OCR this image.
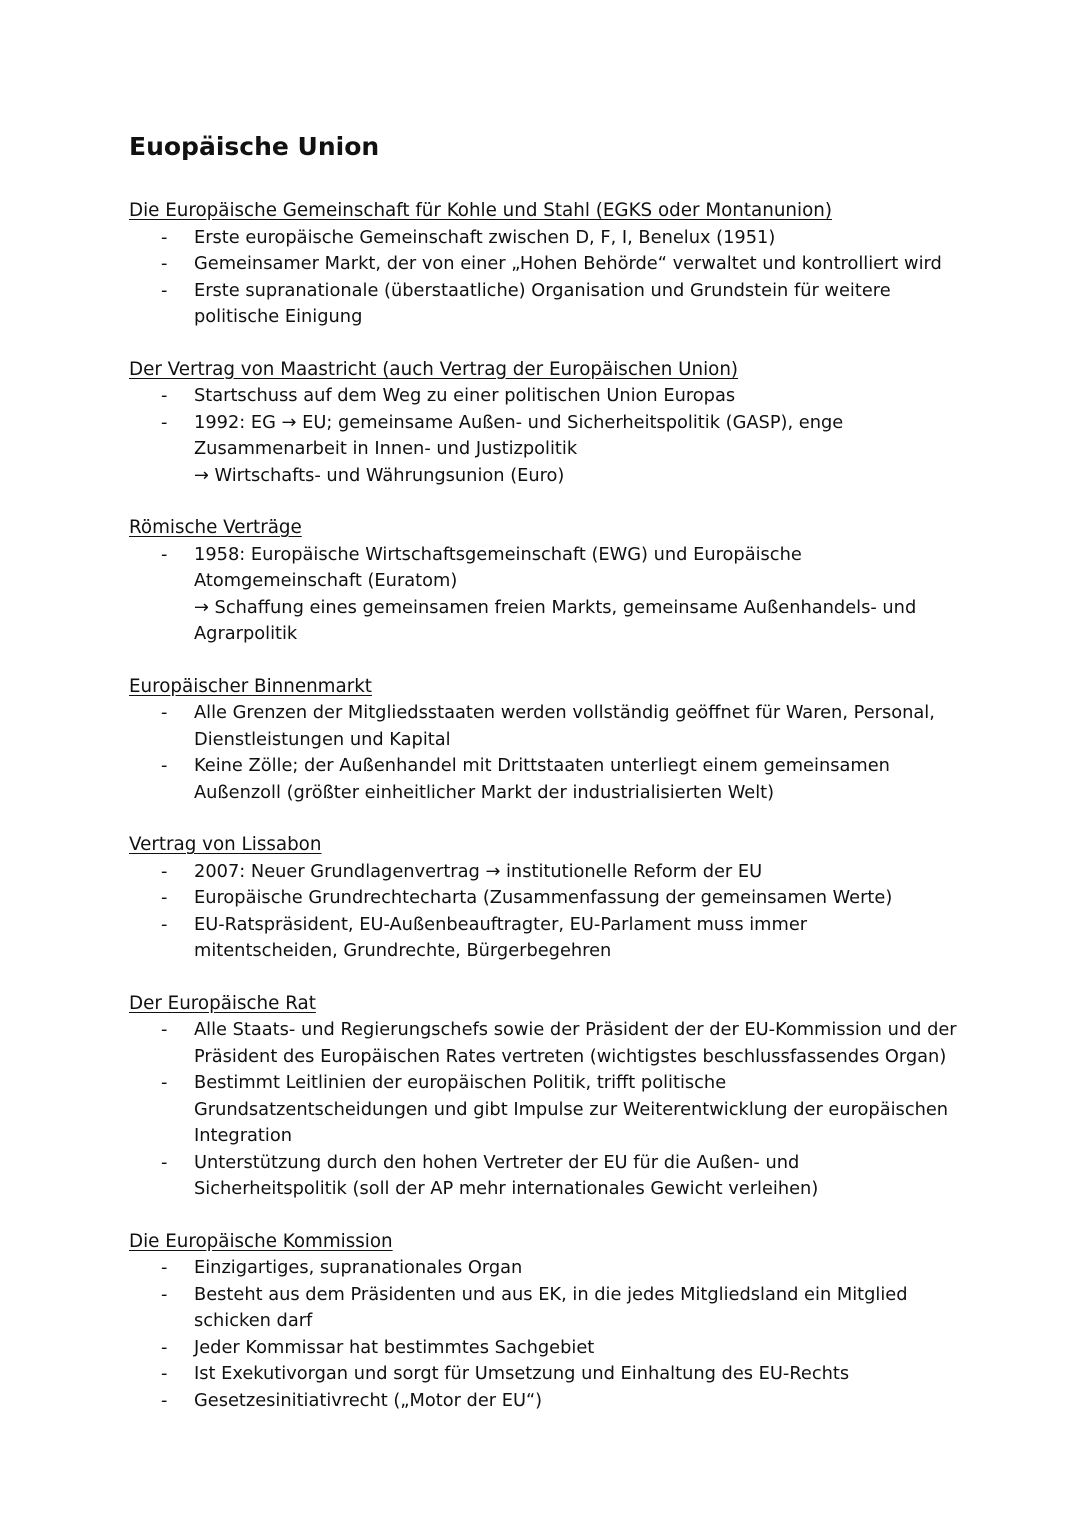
Euopäische Union
Die Europäische Gemeinschaft für Kohle und Stahl (EGKS oder Montanunion)
- Erste europäische Gemeinschaft zwischen D, F, I, Benelux (1951)
- Gemeinsamer Markt, der von einer „Hohen Behörde“ verwaltet und kontrolliert wird
- Erste supranationale (überstaatliche) Organisation und Grundstein für weitere
politische Einigung
Der Vertrag von Maastricht (auch Vertrag der Europäischen Union)
- Startschuss auf dem Weg zu einer politischen Union Europas
- 1992: EG → EU; gemeinsame Außen- und Sicherheitspolitik (GASP), enge
Zusammenarbeit in Innen- und Justizpolitik
→ Wirtschafts- und Währungsunion (Euro)
Römische Verträge
- 1958: Europäische Wirtschaftsgemeinschaft (EWG) und Europäische
Atomgemeinschaft (Euratom)
→ Schaffung eines gemeinsamen freien Markts, gemeinsame Außenhandels- und
Agrarpolitik
Europäischer Binnenmarkt
- Alle Grenzen der Mitgliedsstaaten werden vollständig geöffnet für Waren, Personal,
Dienstleistungen und Kapital
- Keine Zölle; der Außenhandel mit Drittstaaten unterliegt einem gemeinsamen
Außenzoll (größter einheitlicher Markt der industrialisierten Welt)
Vertrag von Lissabon
- 2007: Neuer Grundlagenvertrag → institutionelle Reform der EU
- Europäische Grundrechtecharta (Zusammenfassung der gemeinsamen Werte)
- EU-Ratspräsident, EU-Außenbeauftragter, EU-Parlament muss immer
mitentscheiden, Grundrechte, Bürgerbegehren
Der Europäische Rat
- Alle Staats- und Regierungschefs sowie der Präsident der der EU-Kommission und der
Präsident des Europäischen Rates vertreten (wichtigstes beschlussfassendes Organ)
- Bestimmt Leitlinien der europäischen Politik, trifft politische
Grundsatzentscheidungen und gibt Impulse zur Weiterentwicklung der europäischen
Integration
- Unterstützung durch den hohen Vertreter der EU für die Außen- und
Sicherheitspolitik (soll der AP mehr internationales Gewicht verleihen)
Die Europäische Kommission
- Einzigartiges, supranationales Organ
- Besteht aus dem Präsidenten und aus EK, in die jedes Mitgliedsland ein Mitglied
schicken darf
- Jeder Kommissar hat bestimmtes Sachgebiet
- Ist Exekutivorgan und sorgt für Umsetzung und Einhaltung des EU-Rechts
- Gesetzesinitiativrecht („Motor der EU“)
